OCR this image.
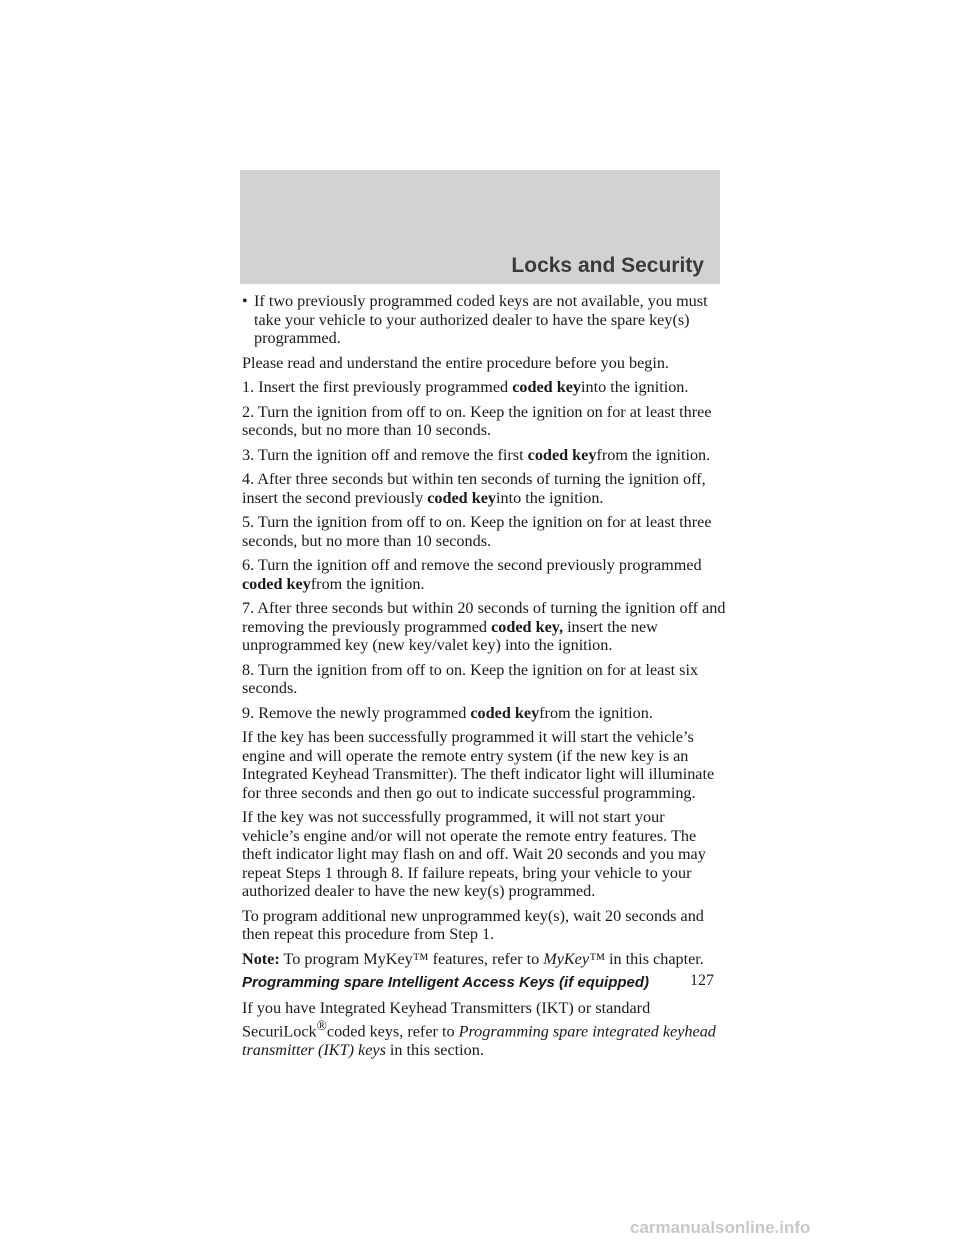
Locks and Security
• If two previously programmed coded keys are not available, you must take your vehicle to your authorized dealer to have the spare key(s) programmed.

Please read and understand the entire procedure before you begin.

1. Insert the first previously programmed coded keyinto the ignition.

2. Turn the ignition from off to on. Keep the ignition on for at least three seconds, but no more than 10 seconds.

3. Turn the ignition off and remove the first coded keyfrom the ignition.

4. After three seconds but within ten seconds of turning the ignition off, insert the second previously coded keyinto the ignition.

5. Turn the ignition from off to on. Keep the ignition on for at least three seconds, but no more than 10 seconds.

6. Turn the ignition off and remove the second previously programmed coded keyfrom the ignition.

7. After three seconds but within 20 seconds of turning the ignition off and removing the previously programmed coded key, insert the new unprogrammed key (new key/valet key) into the ignition.

8. Turn the ignition from off to on. Keep the ignition on for at least six seconds.

9. Remove the newly programmed coded keyfrom the ignition.

If the key has been successfully programmed it will start the vehicle’s engine and will operate the remote entry system (if the new key is an Integrated Keyhead Transmitter). The theft indicator light will illuminate for three seconds and then go out to indicate successful programming.

If the key was not successfully programmed, it will not start your vehicle’s engine and/or will not operate the remote entry features. The theft indicator light may flash on and off. Wait 20 seconds and you may repeat Steps 1 through 8. If failure repeats, bring your vehicle to your authorized dealer to have the new key(s) programmed.

To program additional new unprogrammed key(s), wait 20 seconds and then repeat this procedure from Step 1.

Note: To program MyKey™ features, refer to MyKey™ in this chapter.

Programming spare Intelligent Access Keys (if equipped)

If you have Integrated Keyhead Transmitters (IKT) or standard SecuriLock®coded keys, refer to Programming spare integrated keyhead transmitter (IKT) keys in this section.

127
carmanualsonline.info
